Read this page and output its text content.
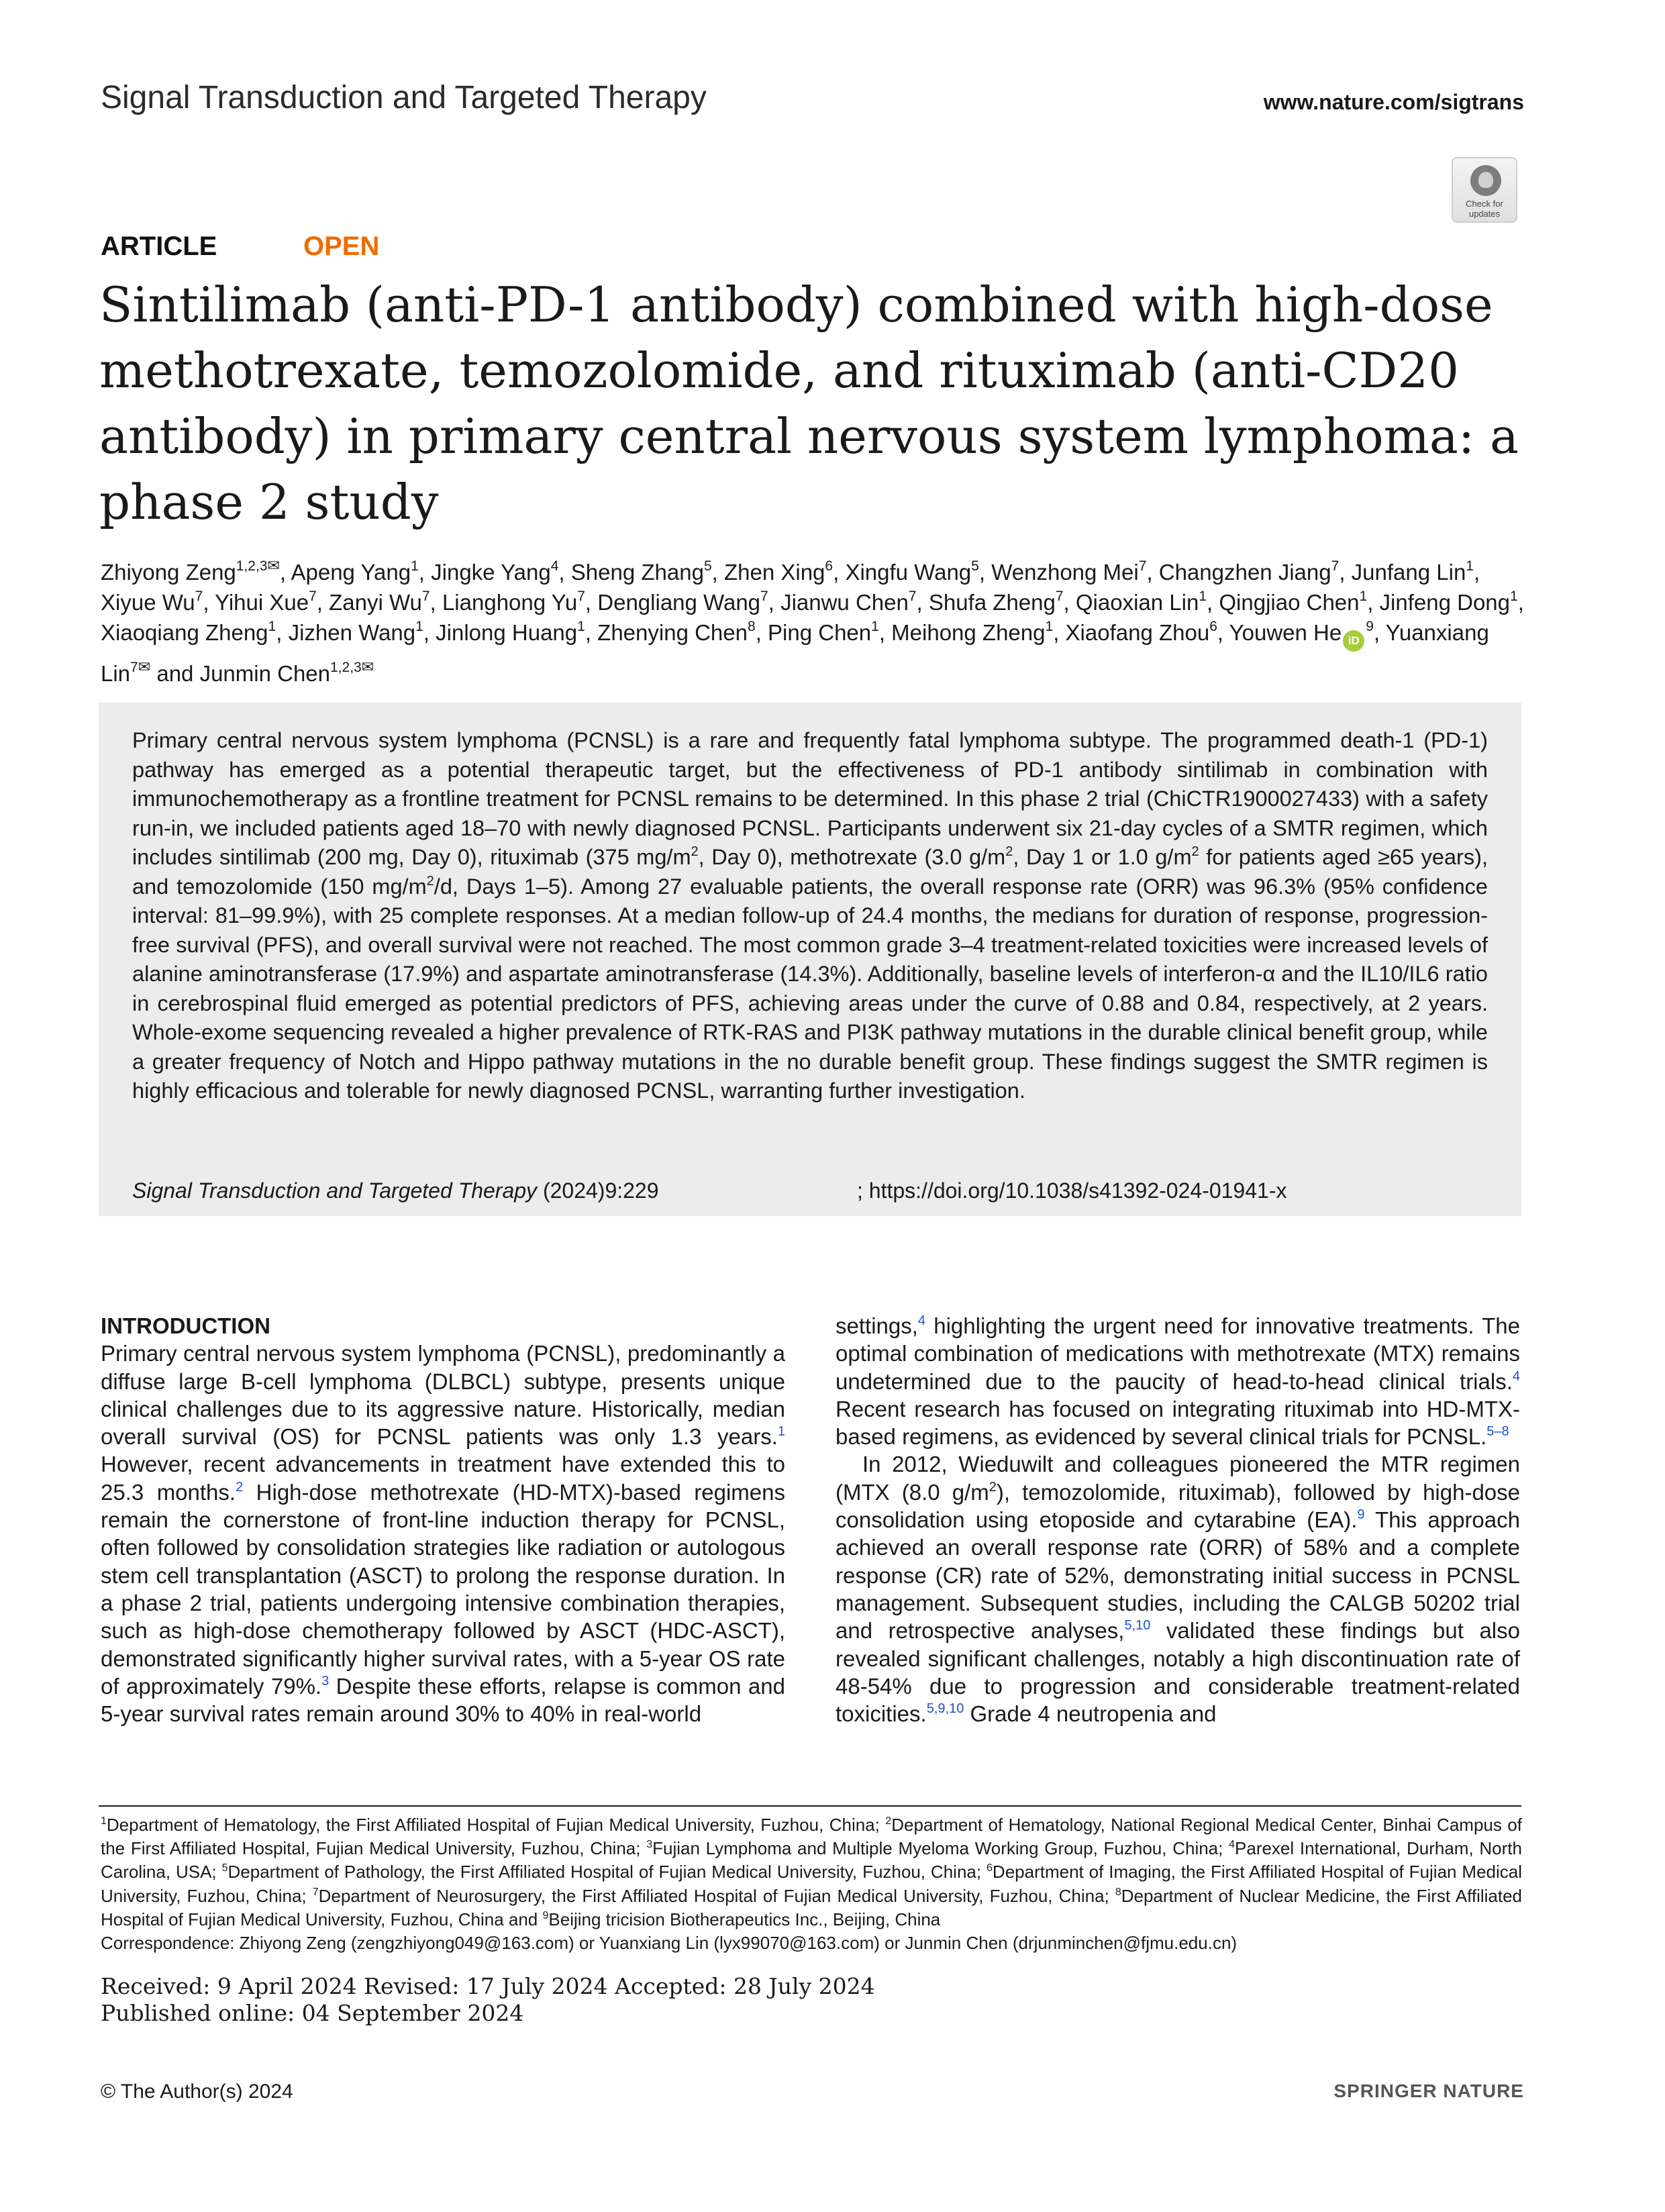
Signal Transduction and Targeted Therapy	www.nature.com/sigtrans
Check for updates
ARTICLE	OPEN
Sintilimab (anti-PD-1 antibody) combined with high-dose methotrexate, temozolomide, and rituximab (anti-CD20 antibody) in primary central nervous system lymphoma: a phase 2 study
Zhiyong Zeng$^{1,2,3✉}$, Apeng Yang$^1$, Jingke Yang$^4$, Sheng Zhang$^5$, Zhen Xing$^6$, Xingfu Wang$^5$, Wenzhong Mei$^7$, Changzhen Jiang$^7$, Junfang Lin$^1$, Xiyue Wu$^7$, Yihui Xue$^7$, Zanyi Wu$^7$, Lianghong Yu$^7$, Dengliang Wang$^7$, Jianwu Chen$^7$, Shufa Zheng$^7$, Qiaoxian Lin$^1$, Qingjiao Chen$^1$, Jinfeng Dong$^1$, Xiaoqiang Zheng$^1$, Jizhen Wang$^1$, Jinlong Huang$^1$, Zhenying Chen$^8$, Ping Chen$^1$, Meihong Zheng$^1$, Xiaofang Zhou$^6$, Youwen He $iD^9$, Yuanxiang Lin$^{7✉}$ and Junmin Chen$^{1,2,3✉}$
Primary central nervous system lymphoma (PCNSL) is a rare and frequently fatal lymphoma subtype. The programmed death-1 (PD-1) pathway has emerged as a potential therapeutic target, but the effectiveness of PD-1 antibody sintilimab in combination with immunochemotherapy as a frontline treatment for PCNSL remains to be determined. In this phase 2 trial (ChiCTR1900027433) with a safety run-in, we included patients aged 18–70 with newly diagnosed PCNSL. Participants underwent six 21-day cycles of a SMTR regimen, which includes sintilimab (200 mg, Day 0), rituximab (375 $mg/m^2$, Day 0), methotrexate (3.0 $g/m^2$, Day 1 or 1.0 $g/m^2$ for patients aged ≥65 years), and temozolomide (150 $mg/m^2/d$, Days 1–5). Among 27 evaluable patients, the overall response rate (ORR) was 96.3% (95% confidence interval: 81–99.9%), with 25 complete responses. At a median follow-up of 24.4 months, the medians for duration of response, progression-free survival (PFS), and overall survival were not reached. The most common grade 3–4 treatment-related toxicities were increased levels of alanine aminotransferase (17.9%) and aspartate aminotransferase (14.3%). Additionally, baseline levels of interferon-α and the IL10/IL6 ratio in cerebrospinal fluid emerged as potential predictors of PFS, achieving areas under the curve of 0.88 and 0.84, respectively, at 2 years. Whole-exome sequencing revealed a higher prevalence of RTK-RAS and PI3K pathway mutations in the durable clinical benefit group, while a greater frequency of Notch and Hippo pathway mutations in the no durable benefit group. These findings suggest the SMTR regimen is highly efficacious and tolerable for newly diagnosed PCNSL, warranting further investigation.
Signal Transduction and Targeted Therapy (2024)9:229	; https://doi.org/10.1038/s41392-024-01941-x
INTRODUCTION

Primary central nervous system lymphoma (PCNSL), predominantly a diffuse large B-cell lymphoma (DLBCL) subtype, presents unique clinical challenges due to its aggressive nature. Historically, median overall survival (OS) for PCNSL patients was only 1.3 years.$^1$ However, recent advancements in treatment have extended this to 25.3 months.$^2$ High-dose methotrexate (HD-MTX)-based regimens remain the cornerstone of front-line induction therapy for PCNSL, often followed by consolidation strategies like radiation or autologous stem cell transplantation (ASCT) to prolong the response duration. In a phase 2 trial, patients undergoing intensive combination therapies, such as high-dose chemotherapy followed by ASCT (HDC-ASCT), demonstrated significantly higher survival rates, with a 5-year OS rate of approximately 79%.$^3$ Despite these efforts, relapse is common and 5-year survival rates remain around 30% to 40% in real-world

settings,$^4$ highlighting the urgent need for innovative treatments. The optimal combination of medications with methotrexate (MTX) remains undetermined due to the paucity of head-to-head clinical trials.$^4$ Recent research has focused on integrating rituximab into HD-MTX-based regimens, as evidenced by several clinical trials for PCNSL.$^{5-8}$

In 2012, Wieduwilt and colleagues pioneered the MTR regimen (MTX (8.0 $g/m^2$), temozolomide, rituximab), followed by high-dose consolidation using etoposide and cytarabine (EA).$^9$ This approach achieved an overall response rate (ORR) of 58% and a complete response (CR) rate of 52%, demonstrating initial success in PCNSL management. Subsequent studies, including the CALGB 50202 trial and retrospective analyses,$^{5,10}$ validated these findings but also revealed significant challenges, notably a high discontinuation rate of 48-54% due to progression and considerable treatment-related toxicities.$^{5,9,10}$ Grade 4 neutropenia and

$^1$Department of Hematology, the First Affiliated Hospital of Fujian Medical University, Fuzhou, China; $^2$Department of Hematology, National Regional Medical Center, Binhai Campus of the First Affiliated Hospital, Fujian Medical University, Fuzhou, China; $^3$Fujian Lymphoma and Multiple Myeloma Working Group, Fuzhou, China; $^4$Parexel International, Durham, North Carolina, USA; $^5$Department of Pathology, the First Affiliated Hospital of Fujian Medical University, Fuzhou, China; $^6$Department of Imaging, the First Affiliated Hospital of Fujian Medical University, Fuzhou, China; $^7$Department of Neurosurgery, the First Affiliated Hospital of Fujian Medical University, Fuzhou, China; $^8$Department of Nuclear Medicine, the First Affiliated Hospital of Fujian Medical University, Fuzhou, China and $^9$Beijing tricision Biotherapeutics Inc., Beijing, China
Correspondence: Zhiyong Zeng (zengzhiyong049@163.com) or Yuanxiang Lin (lyx99070@163.com) or Junmin Chen (drjunminchen@fjmu.edu.cn)
Received: 9 April 2024 Revised: 17 July 2024 Accepted: 28 July 2024
Published online: 04 September 2024
© The Author(s) 2024	SPRINGER NATURE
